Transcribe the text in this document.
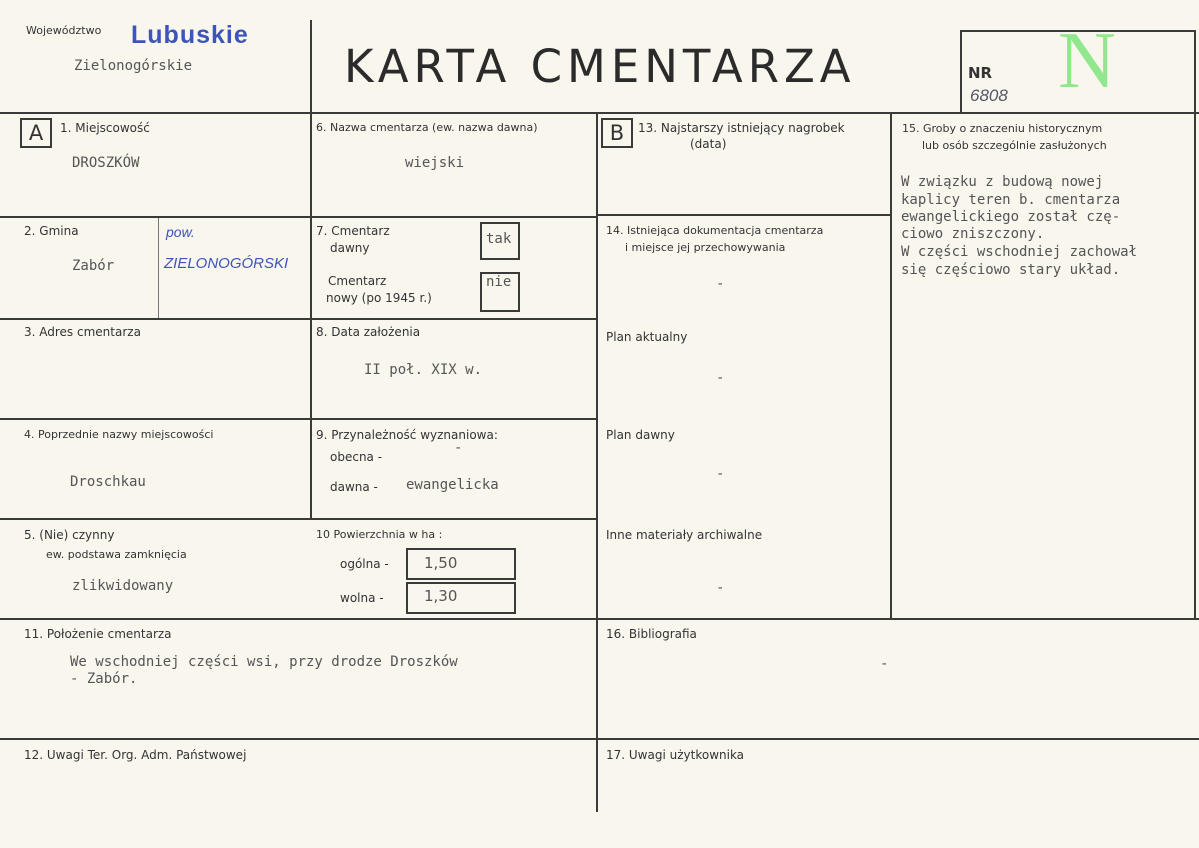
Województwo Lubuskie
Zielonogórskie	KARTA CMENTARZA	NR
6808 N
A	B
1. Miejscowość
DROSZKÓW
6. Nazwa cmentarza (ew. nazwa dawna)
wiejski
13. Najstarszy istniejący nagrobek
(data)
15. Groby o znaczeniu historycznym
lub osób szczególnie zasłużonych
W związku z budową nowej
kaplicy teren b. cmentarza
ewangelickiego został czę-
ciowo zniszczony.
W części wschodniej zachował
się częściowo stary układ.
2. Gmina
Zabór
pow.
ZIELONOGÓRSKI
7. Cmentarz
dawny
tak
Cmentarz
nowy (po 1945 r.)
nie
14. Istniejąca dokumentacja cmentarza
i miejsce jej przechowywania
-
Plan aktualny
-
Plan dawny
-
Inne materiały archiwalne
-
3. Adres cmentarza	8. Data założenia
II poł. XIX w.
4. Poprzednie nazwy miejscowości
Droschkau
9. Przynależność wyznaniowa:
obecna -
-
dawna - ewangelicka
5. (Nie) czynny
ew. podstawa zamknięcia
zlikwidowany
10 Powierzchnia w ha :
ogólna - 1,50
wolna -	1,30
11. Położenie cmentarza
We wschodniej części wsi, przy drodze Droszków
- Zabór.
16. Bibliografia
-
12. Uwagi Ter. Org. Adm. Państwowej	17. Uwagi użytkownika
